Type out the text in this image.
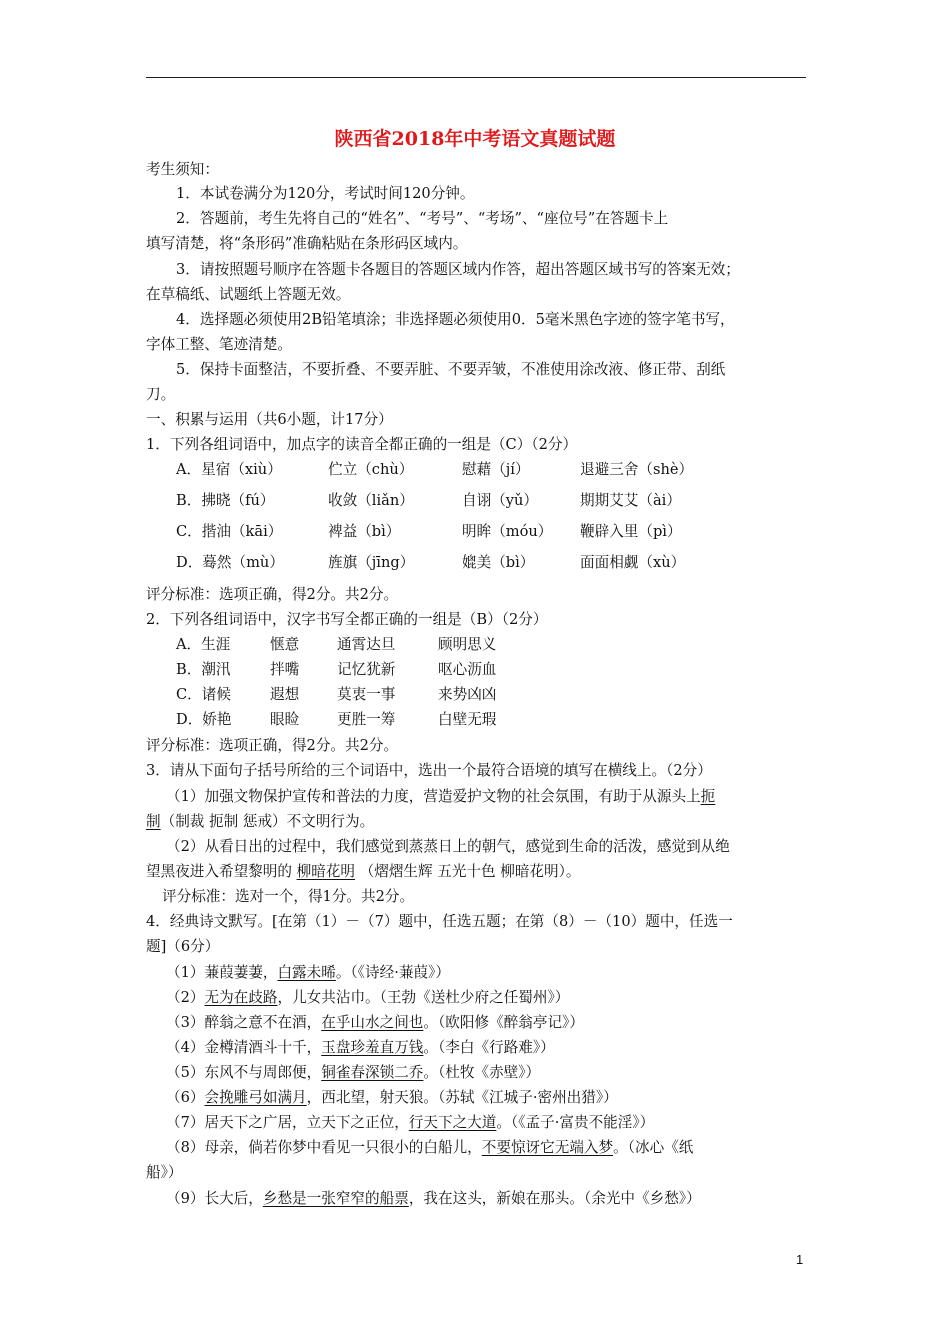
陕西省2018年中考语文真题试题
考生须知：
1．本试卷满分为120分，考试时间120分钟。
2．答题前，考生先将自己的“姓名”、“考号”、“考场”、“座位号”在答题卡上
填写清楚，将“条形码”准确粘贴在条形码区域内。
3．请按照题号顺序在答题卡各题目的答题区域内作答，超出答题区域书写的答案无效；
在草稿纸、试题纸上答题无效。
4．选择题必须使用2B铅笔填涂；非选择题必须使用0．5毫米黑色字迹的签字笔书写，
字体工整、笔迹清楚。
5．保持卡面整洁，不要折叠、不要弄脏、不要弄皱，不准使用涂改液、修正带、刮纸
刀。
一、积累与运用（共6小题，计17分）
1．下列各组词语中，加点字的读音全都正确的一组是（C）（2分）
A．星宿（xiù）	伫立（chù）	慰藉（jí）	退避三舍（shè）
B．拂晓（fú）	收敛（liǎn）	自诩（yǔ）	期期艾艾（ài）
C．揩油（kāi）	裨益（bì）	明眸（móu） 鞭辟入里（pì）
D．蓦然（mù）	旌旗（jīng）	媲美（bì）	面面相觑（xù）
评分标准：选项正确，得2分。共2分。
2．下列各组词语中，汉字书写全都正确的一组是（B）（2分）
A．生涯	惬意	通霄达旦	顾明思义
B．潮汛	拌嘴	记忆犹新	呕心沥血
C．诸候	遐想	莫衷一事	来势凶凶
D．娇艳	眼睑	更胜一筹	白壁无瑕
评分标准：选项正确，得2分。共2分。
3．请从下面句子括号所给的三个词语中，选出一个最符合语境的填写在横线上。（2分）
（1）加强文物保护宣传和普法的力度，营造爱护文物的社会氛围，有助于从源头上扼
制（制裁 扼制 惩戒）不文明行为。
（2）从看日出的过程中，我们感觉到蒸蒸日上的朝气，感觉到生命的活泼，感觉到从绝
望黑夜进入希望黎明的 柳暗花明 （熠熠生辉 五光十色 柳暗花明）。
评分标准：选对一个，得1分。共2分。
4．经典诗文默写。[在第（1）－（7）题中，任选五题；在第（8）－（10）题中，任选一
题]（6分）
（1）蒹葭萋萋，白露未晞。（《诗经·蒹葭》）
（2）无为在歧路，儿女共沾巾。（王勃《送杜少府之任蜀州》）
（3）醉翁之意不在酒，在乎山水之间也。（欧阳修《醉翁亭记》）
（4）金樽清酒斗十千，玉盘珍羞直万钱。（李白《行路难》）
（5）东风不与周郎便，铜雀春深锁二乔。（杜牧《赤壁》）
（6）会挽雕弓如满月，西北望，射天狼。（苏轼《江城子·密州出猎》）
（7）居天下之广居，立天下之正位，行天下之大道。（《孟子·富贵不能淫》）
（8）母亲，倘若你梦中看见一只很小的白船儿，不要惊讶它无端入梦。（冰心《纸
船》）
（9）长大后，乡愁是一张窄窄的船票，我在这头，新娘在那头。（余光中《乡愁》）
1
